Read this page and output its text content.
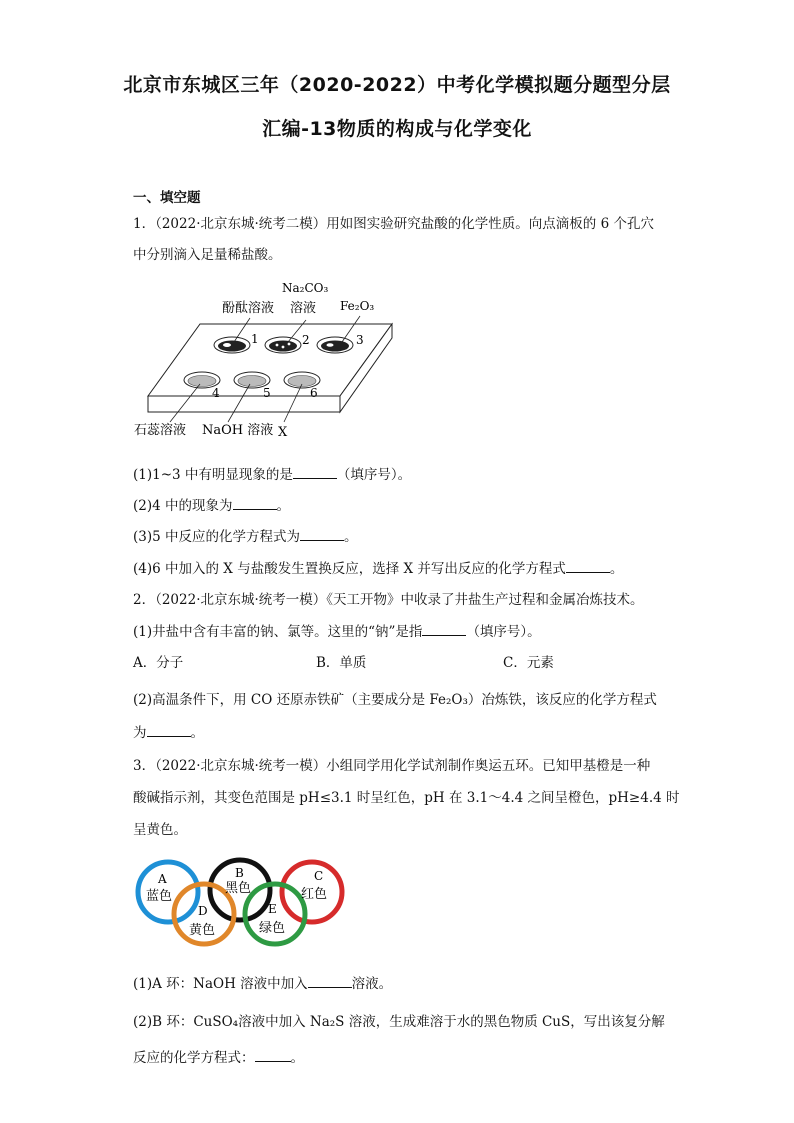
北京市东城区三年（2020-2022）中考化学模拟题分题型分层
汇编-13物质的构成与化学变化
一、填空题
1．（2022·北京东城·统考二模）用如图实验研究盐酸的化学性质。向点滴板的 6 个孔穴
中分别滴入足量稀盐酸。
酚酞溶液
Na₂CO₃
溶液 Fe₂O₃
1	2	3
4	5	6
石蕊溶液 NaOH 溶液 X
(1)1~3 中有明显现象的是	（填序号）。
(2)4 中的现象为	。
(3)5 中反应的化学方程式为	。
(4)6 中加入的 X 与盐酸发生置换反应，选择 X 并写出反应的化学方程式	。
2．（2022·北京东城·统考一模）《天工开物》中收录了井盐生产过程和金属冶炼技术。
(1)井盐中含有丰富的钠、氯等。这里的“钠”是指	（填序号）。
A．分子	B．单质	C．元素
(2)高温条件下，用 CO 还原赤铁矿（主要成分是 Fe₂O₃）冶炼铁，该反应的化学方程式
为	。
3．（2022·北京东城·统考一模）小组同学用化学试剂制作奥运五环。已知甲基橙是一种
酸碱指示剂，其变色范围是 pH≤3.1 时呈红色，pH 在 3.1～4.4 之间呈橙色，pH≥4.4 时
呈黄色。
A
蓝色
B
黑色
C
红色
D
黄色
E
绿色
(1)A 环：NaOH 溶液中加入	溶液。
(2)B 环：CuSO₄溶液中加入 Na₂S 溶液，生成难溶于水的黑色物质 CuS，写出该复分解
反应的化学方程式：	。
